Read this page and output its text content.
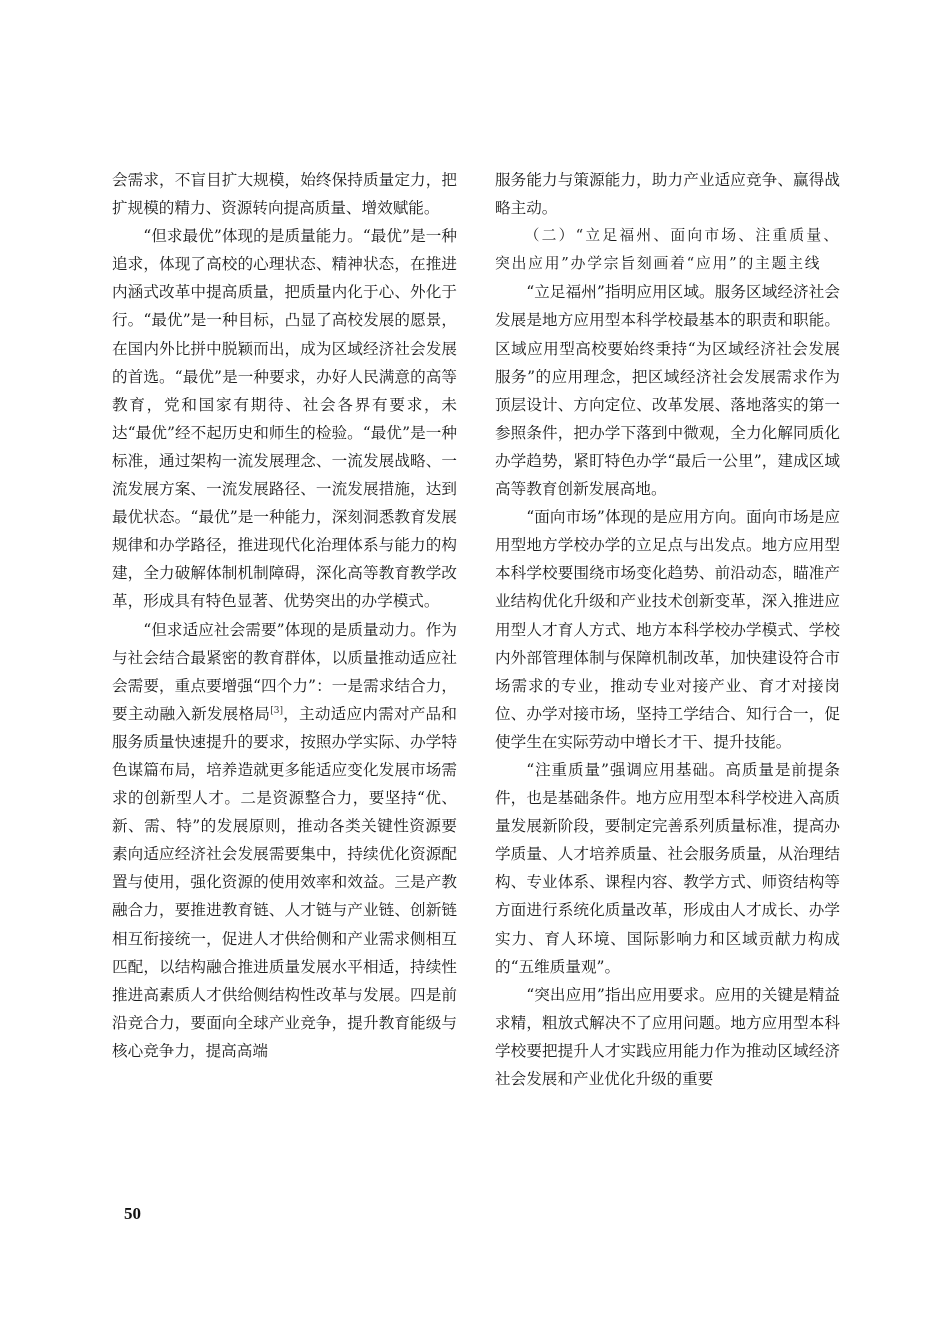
会需求，不盲目扩大规模，始终保持质量定力，把扩规模的精力、资源转向提高质量、增效赋能。

“但求最优”体现的是质量能力。“最优”是一种追求，体现了高校的心理状态、精神状态，在推进内涵式改革中提高质量，把质量内化于心、外化于行。“最优”是一种目标，凸显了高校发展的愿景，在国内外比拼中脱颖而出，成为区域经济社会发展的首选。“最优”是一种要求，办好人民满意的高等教育，党和国家有期待、社会各界有要求，未达“最优”经不起历史和师生的检验。“最优”是一种标准，通过架构一流发展理念、一流发展战略、一流发展方案、一流发展路径、一流发展措施，达到最优状态。“最优”是一种能力，深刻洞悉教育发展规律和办学路径，推进现代化治理体系与能力的构建，全力破解体制机制障碍，深化高等教育教学改革，形成具有特色显著、优势突出的办学模式。

“但求适应社会需要”体现的是质量动力。作为与社会结合最紧密的教育群体，以质量推动适应社会需要，重点要增强“四个力”：一是需求结合力，要主动融入新发展格局[3]，主动适应内需对产品和服务质量快速提升的要求，按照办学实际、办学特色谋篇布局，培养造就更多能适应变化发展市场需求的创新型人才。二是资源整合力，要坚持“优、新、需、特”的发展原则，推动各类关键性资源要素向适应经济社会发展需要集中，持续优化资源配置与使用，强化资源的使用效率和效益。三是产教融合力，要推进教育链、人才链与产业链、创新链相互衔接统一，促进人才供给侧和产业需求侧相互匹配，以结构融合推进质量发展水平相适，持续性推进高素质人才供给侧结构性改革与发展。四是前沿竞合力，要面向全球产业竞争，提升教育能级与核心竞争力，提高高端

服务能力与策源能力，助力产业适应竞争、赢得战略主动。

（二）“立足福州、面向市场、注重质量、突出应用”办学宗旨刻画着“应用”的主题主线

“立足福州”指明应用区域。服务区域经济社会发展是地方应用型本科学校最基本的职责和职能。区域应用型高校要始终秉持“为区域经济社会发展服务”的应用理念，把区域经济社会发展需求作为顶层设计、方向定位、改革发展、落地落实的第一参照条件，把办学下落到中微观，全力化解同质化办学趋势，紧盯特色办学“最后一公里”，建成区域高等教育创新发展高地。

“面向市场”体现的是应用方向。面向市场是应用型地方学校办学的立足点与出发点。地方应用型本科学校要围绕市场变化趋势、前沿动态，瞄准产业结构优化升级和产业技术创新变革，深入推进应用型人才育人方式、地方本科学校办学模式、学校内外部管理体制与保障机制改革，加快建设符合市场需求的专业，推动专业对接产业、育才对接岗位、办学对接市场，坚持工学结合、知行合一，促使学生在实际劳动中增长才干、提升技能。

“注重质量”强调应用基础。高质量是前提条件，也是基础条件。地方应用型本科学校进入高质量发展新阶段，要制定完善系列质量标准，提高办学质量、人才培养质量、社会服务质量，从治理结构、专业体系、课程内容、教学方式、师资结构等方面进行系统化质量改革，形成由人才成长、办学实力、育人环境、国际影响力和区域贡献力构成的“五维质量观”。

“突出应用”指出应用要求。应用的关键是精益求精，粗放式解决不了应用问题。地方应用型本科学校要把提升人才实践应用能力作为推动区域经济社会发展和产业优化升级的重要

50
